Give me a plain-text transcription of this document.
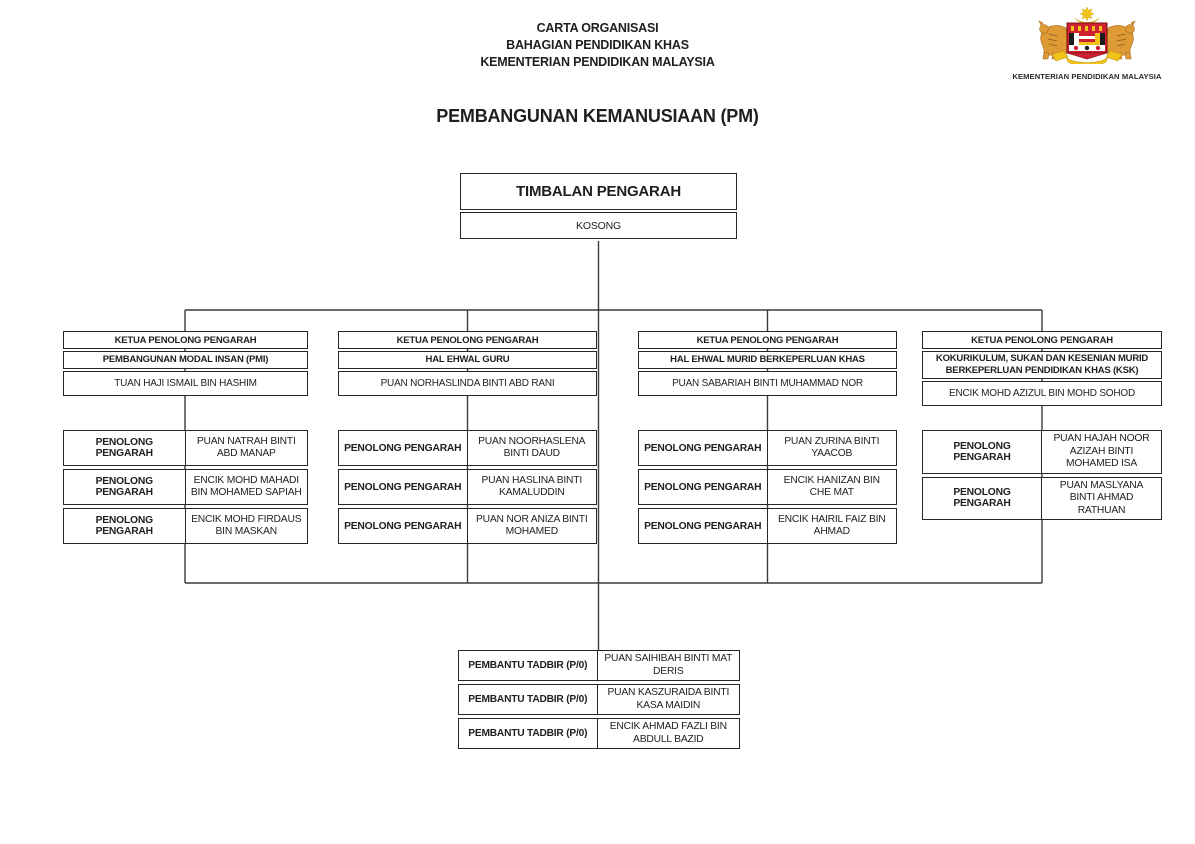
CARTA ORGANISASI
BAHAGIAN PENDIDIKAN KHAS
KEMENTERIAN PENDIDIKAN MALAYSIA
KEMENTERIAN PENDIDIKAN MALAYSIA
PEMBANGUNAN KEMANUSIAAN (PM)
TIMBALAN PENGARAH
KOSONG
KETUA PENOLONG PENGARAH
PEMBANGUNAN MODAL INSAN (PMI)
TUAN HAJI ISMAIL BIN HASHIM
PENOLONG PENGARAH
PUAN NATRAH BINTI ABD MANAP
PENOLONG PENGARAH
ENCIK MOHD MAHADI BIN MOHAMED SAPIAH
PENOLONG PENGARAH
ENCIK MOHD FIRDAUS BIN MASKAN
KETUA PENOLONG PENGARAH
HAL EHWAL GURU
PUAN NORHASLINDA BINTI ABD RANI
PENOLONG PENGARAH
PUAN NOORHASLENA BINTI DAUD
PENOLONG PENGARAH
PUAN HASLINA BINTI KAMALUDDIN
PENOLONG PENGARAH
PUAN NOR ANIZA BINTI MOHAMED
KETUA PENOLONG PENGARAH
HAL EHWAL MURID BERKEPERLUAN KHAS
PUAN SABARIAH BINTI MUHAMMAD NOR
PENOLONG PENGARAH
PUAN ZURINA BINTI YAACOB
PENOLONG PENGARAH
ENCIK HANIZAN BIN CHE MAT
PENOLONG PENGARAH
ENCIK HAIRIL FAIZ BIN AHMAD
KETUA PENOLONG PENGARAH
KOKURIKULUM, SUKAN DAN KESENIAN MURID BERKEPERLUAN PENDIDIKAN KHAS (KSK)
ENCIK MOHD AZIZUL BIN MOHD SOHOD
PENOLONG PENGARAH
PUAN HAJAH NOOR AZIZAH BINTI MOHAMED ISA
PENOLONG PENGARAH
PUAN MASLYANA BINTI AHMAD RATHUAN
PEMBANTU TADBIR (P/0)
PUAN SAIHIBAH BINTI MAT DERIS
PEMBANTU TADBIR (P/0)
PUAN KASZURAIDA BINTI KASA MAIDIN
PEMBANTU TADBIR (P/0)
ENCIK AHMAD FAZLI BIN ABDULL BAZID
